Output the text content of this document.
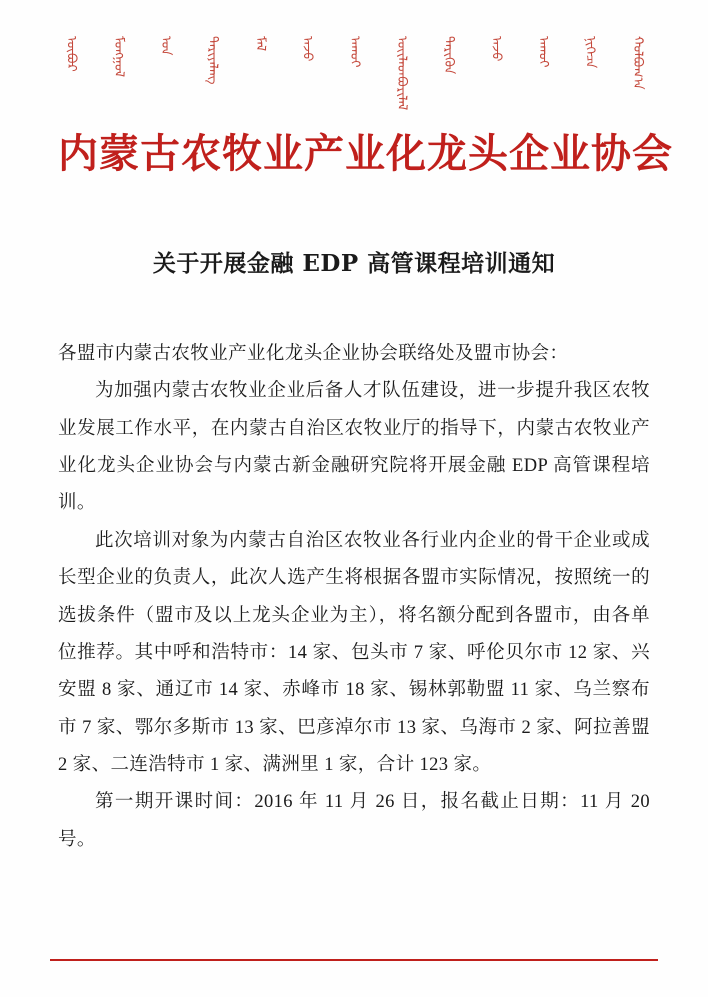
ᠥᠪᠥᠷ ᠮᠣᠩᠭᠣᠯ ᠤᠨ ᠲᠠᠷᠢᠶᠠᠯᠠᠩ ᠮᠠᠯ ᠠᠵᠤ ᠠᠬᠤᠢ ᠦᠢᠯᠡᠳᠪᠦᠷᠢᠯᠡᠯ ᠲᠡᠷᠢᠭᠦᠨ ᠠᠵᠤ ᠠᠬᠤᠢ ᠨᠢᠭᠡᠴᠡ ᠬᠣᠯᠪᠣᠭ᠎ᠠ
内蒙古农牧业产业化龙头企业协会
关于开展金融 EDP 高管课程培训通知

各盟市内蒙古农牧业产业化龙头企业协会联络处及盟市协会：

为加强内蒙古农牧业企业后备人才队伍建设，进一步提升我区农牧业发展工作水平，在内蒙古自治区农牧业厅的指导下，内蒙古农牧业产业化龙头企业协会与内蒙古新金融研究院将开展金融 EDP 高管课程培训。

此次培训对象为内蒙古自治区农牧业各行业内企业的骨干企业或成长型企业的负责人，此次人选产生将根据各盟市实际情况，按照统一的选拔条件（盟市及以上龙头企业为主），将名额分配到各盟市，由各单位推荐。其中呼和浩特市：14 家、包头市 7 家、呼伦贝尔市 12 家、兴安盟 8 家、通辽市 14 家、赤峰市 18 家、锡林郭勒盟 11 家、乌兰察布市 7 家、鄂尔多斯市 13 家、巴彦淖尔市 13 家、乌海市 2 家、阿拉善盟 2 家、二连浩特市 1 家、满洲里 1 家，合计 123 家。

第一期开课时间：2016 年 11 月 26 日，报名截止日期：11 月 20 号。
